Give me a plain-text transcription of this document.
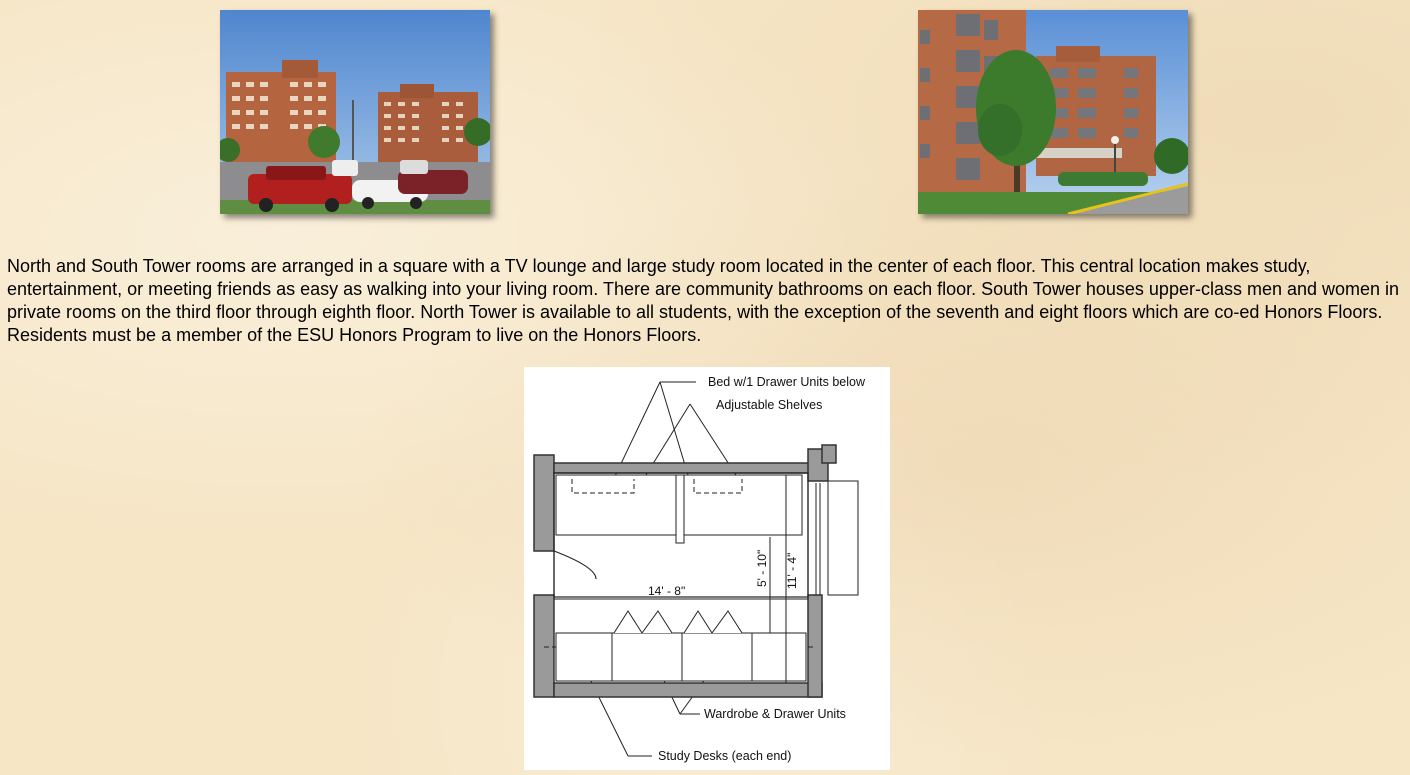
North and South Tower rooms are arranged in a square with a TV lounge and large study room located in the center of each floor. This central location makes study, entertainment, or meeting friends as easy as walking into your living room. There are community bathrooms on each floor. South Tower houses upper-class men and women in private rooms on the third floor through eighth floor. North Tower is available to all students, with the exception of the seventh and eight floors which are co-ed Honors Floors. Residents must be a member of the ESU Honors Program to live on the Honors Floors.

Bed w/1 Drawer Units below
Adjustable Shelves
Wardrobe & Drawer Units
Study Desks (each end)
14' - 8"
5' - 10" 11' - 4"
